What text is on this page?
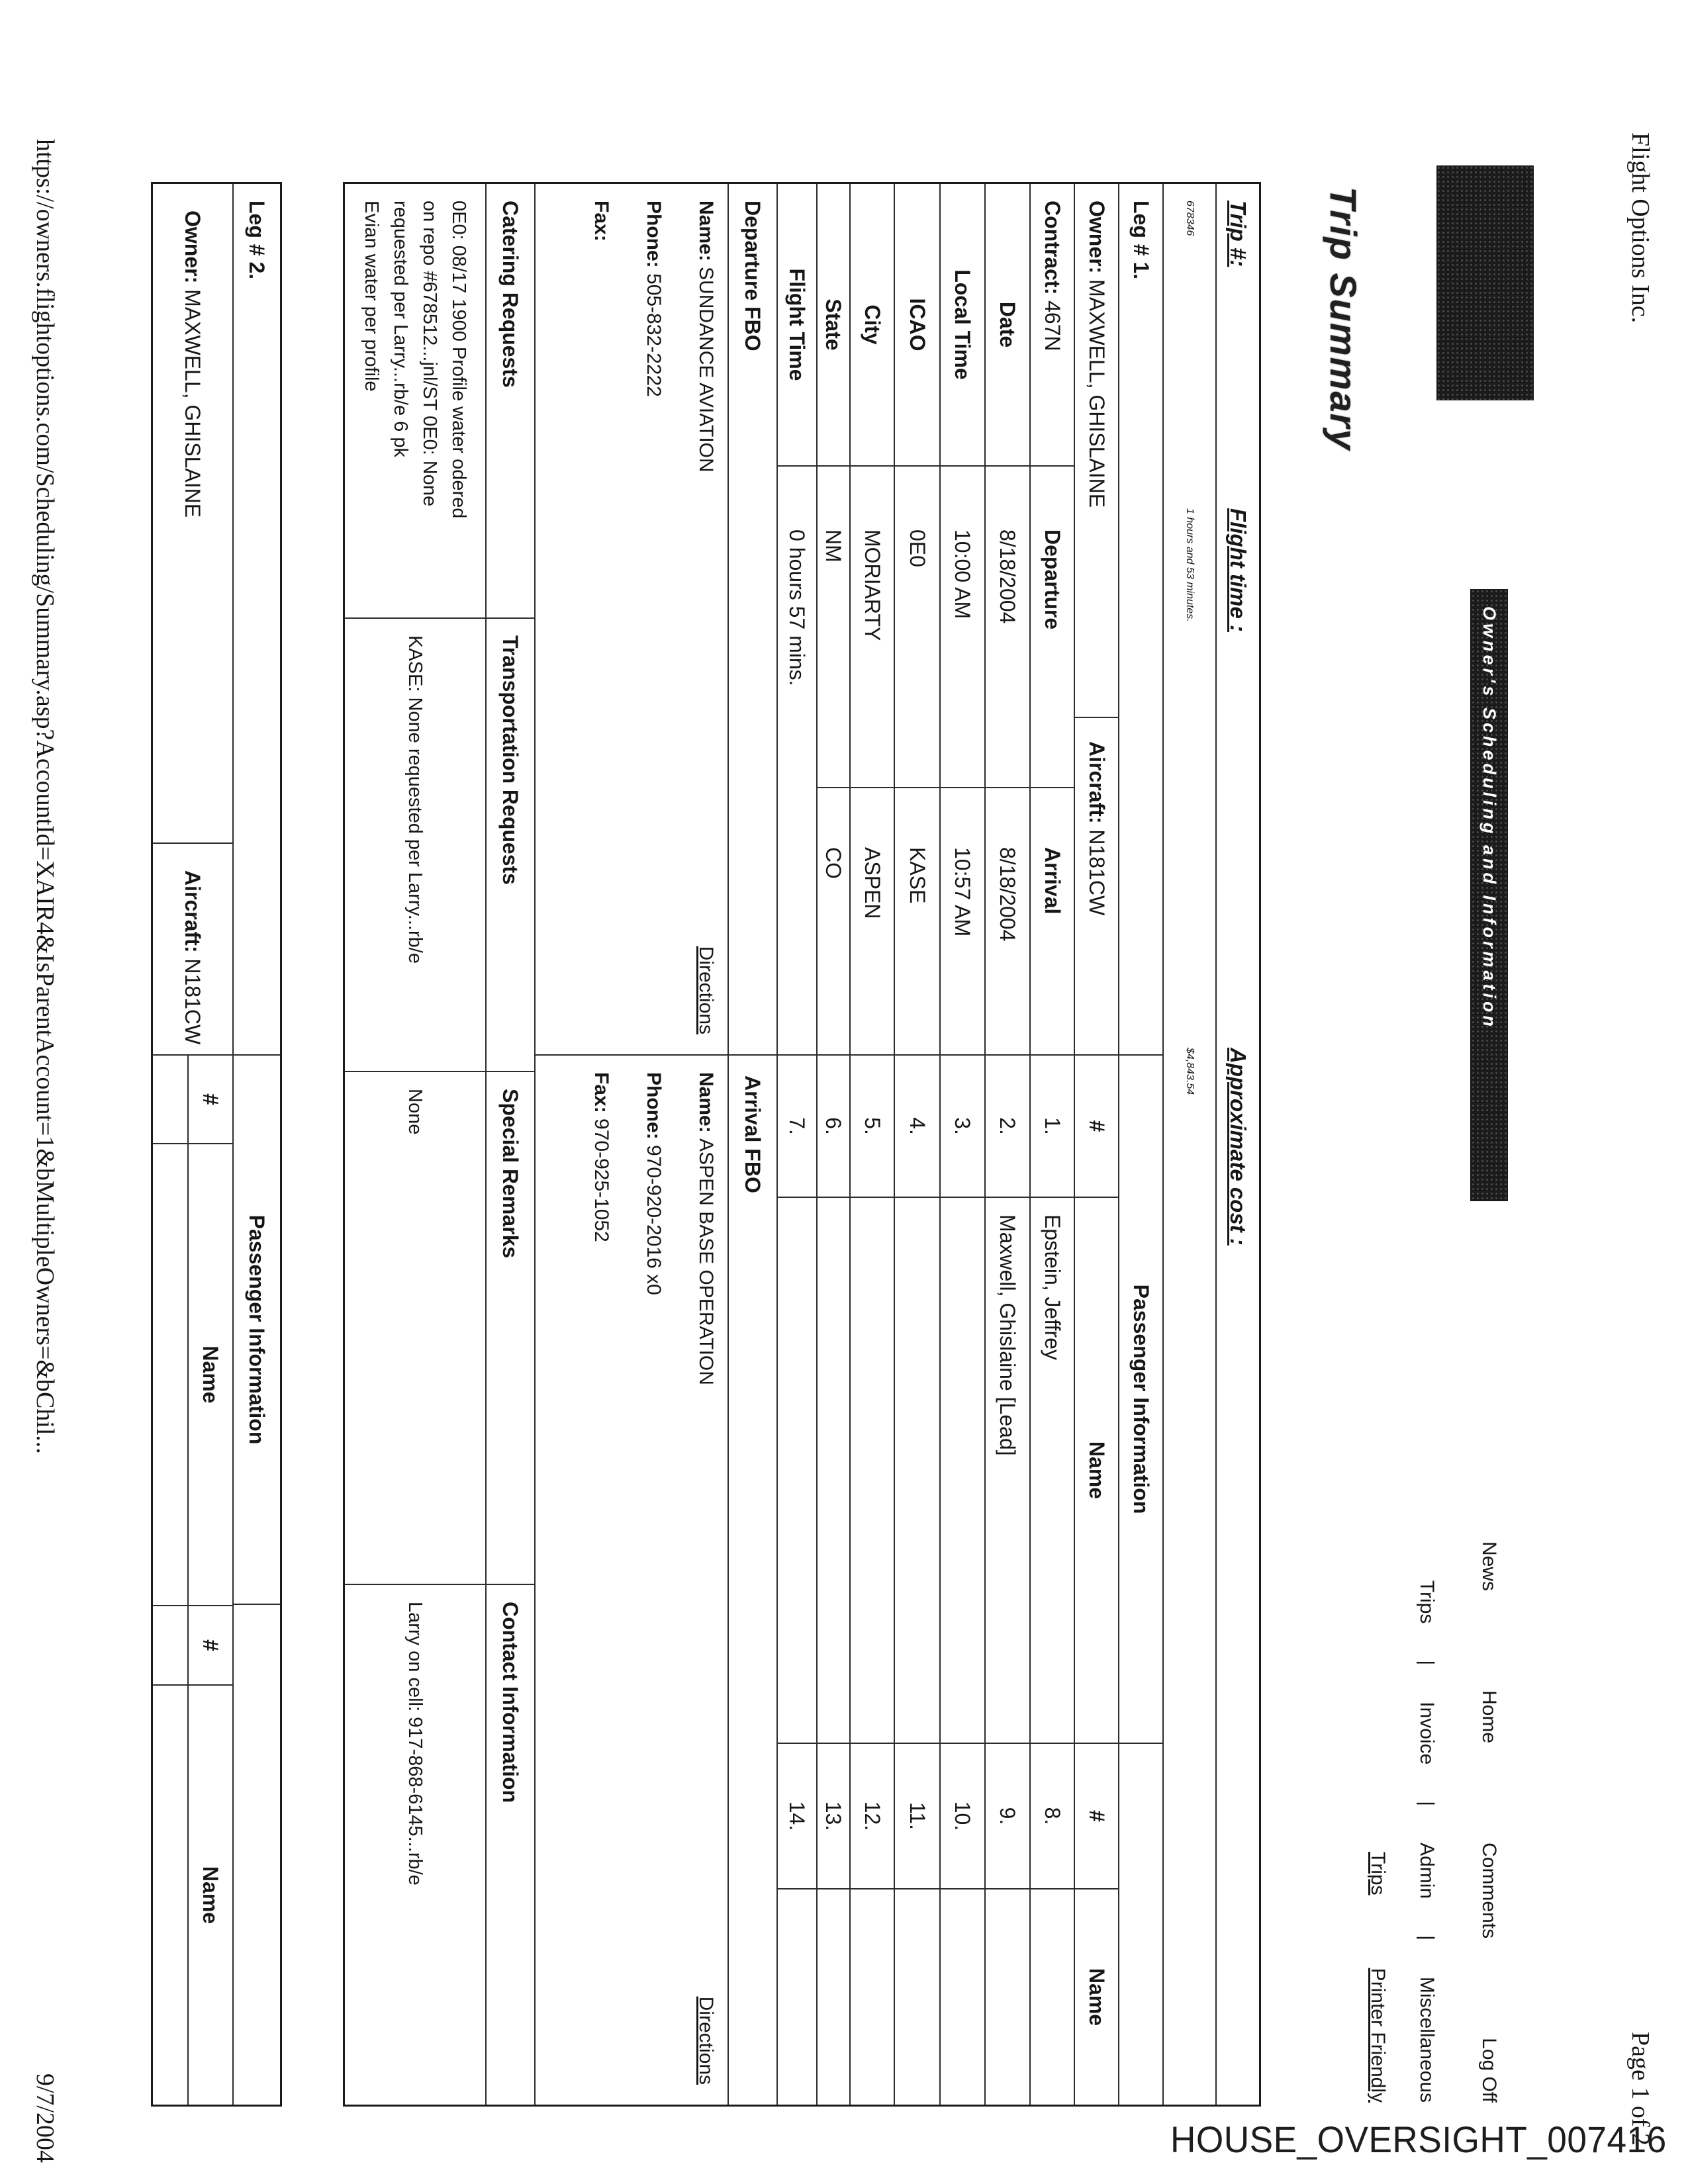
Flight Options Inc.
Page 1 of 2
Owner's Scheduling and Information
News
Home
Comments
Log Off
Trips
|
Invoice
|
Admin
|
Miscellaneous
Trips
Printer Friendly
Trip Summary
Trip #:
Flight time :
Approximate cost :
678346
1 hours and 53 minutes.
$4,843.54
Leg # 1.
Passenger Information
Owner:

MAXWELL, GHISLAINE
Aircraft:

N181CW
#
Name
#
Name
Contract:

467N
Departure
Arrival
1.
Epstein, Jeffrey
8.
Date
8/18/2004
8/18/2004
2.
Maxwell, Ghislaine [Lead]
9.
Local Time
10:00 AM
10:57 AM
3.
10.
ICAO
0E0
KASE
4.
11.
City
MORIARTY
ASPEN
5.
12.
State
NM
CO
6.
13.
Flight Time
0 hours 57 mins.
7.
14.
Departure FBO
Arrival FBO
Name: SUNDANCE AVIATION
Directions
Phone: 505-832-2222
Fax:
Name: ASPEN BASE OPERATION
Directions
Phone: 970-920-2016 x0
Fax: 970-925-1052
Catering Requests
Transportation Requests
Special Remarks
Contact Information
0E0: 08/17 1900 Profile water odered
on repo #678512...jnl/ST 0E0: None
requested per Larry...rb/e 6 pk
Evian water per profile
KASE: None requested per Larry...rb/e
None
Larry on cell: 917-868-6145...rb/e
Leg # 2.
Passenger Information
Owner:

MAXWELL, GHISLAINE
Aircraft:

N181CW
#
Name
#
Name
https://owners.flightoptions.com/Scheduling/Summary.asp?AccountId=XAIR4&IsParentAccount=1&bMultipleOwners=&bChil...
9/7/2004	HOUSE_OVERSIGHT_007416
